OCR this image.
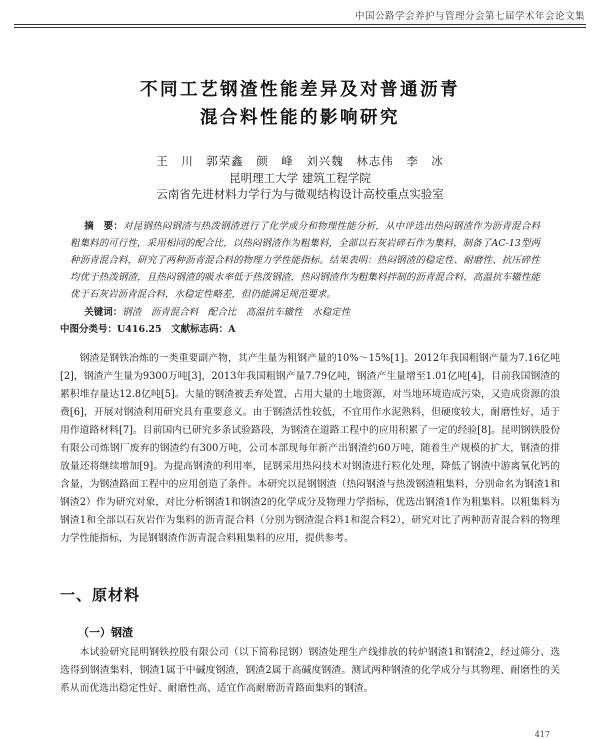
中国公路学会养护与管理分会第七届学术年会论文集
不同工艺钢渣性能差异及对普通沥青
混合料性能的影响研究
王　川　郭荣鑫　颜　峰　刘兴魏　林志伟　李　冰
昆明理工大学 建筑工程学院
云南省先进材料力学行为与微观结构设计高校重点实验室
摘　要：对昆钢热闷钢渣与热泼钢渣进行了化学成分和物理性能分析，从中评选出热闷钢渣作为沥青混合料粗集料的可行性，采用相同的配合比，以热闷钢渣作为粗集料，全部以石灰岩碎石作为集料，制备了AC-13型两种沥青混合料，研究了两种沥青混合料的物理力学性能指标。结果表明：热闷钢渣的稳定性、耐磨性、抗压碎性均优于热泼钢渣，且热闷钢渣的吸水率低于热泼钢渣，热闷钢渣作为粗集料拌制的沥青混合料，高温抗车辙性能优于石灰岩沥青混合料，水稳定性略差，但仍能满足规范要求。
关键词：钢渣　沥青混合料　配合比　高温抗车辙性　水稳定性
中图分类号：U416.25　文献标志码：A
钢渣是钢铁冶炼的一类重要副产物，其产生量为粗钢产量的10%～15%[1]。2012年我国粗钢产量为7.16亿吨[2]，钢渣产生量为9300万吨[3]，2013年我国粗钢产量7.79亿吨，钢渣产生量增至1.01亿吨[4]，目前我国钢渣的累积堆存量达12.8亿吨[5]。大量的钢渣被丢弃处置，占用大量的土地资源，对当地环境造成污染，又造成资源的浪费[6]，开展对钢渣利用研究具有重要意义。由于钢渣活性较低，不宜用作水泥熟料，但硬度较大，耐磨性好，适于用作道路材料[7]。目前国内已研究多条试验路段，为钢渣在道路工程中的应用积累了一定的经验[8]。昆明钢铁股份有限公司炼钢厂废弃的钢渣约有300万吨，公司本部现每年新产出钢渣约60万吨，随着生产规模的扩大，钢渣的排放量还将继续增加[9]。为提高钢渣的利用率，昆钢采用热闷技术对钢渣进行粒化处理，降低了钢渣中游离氧化钙的含量，为钢渣路面工程中的应用创造了条件。本研究以昆钢钢渣（热闷钢渣与热泼钢渣粗集料，分别命名为钢渣1和钢渣2）作为研究对象，对比分析钢渣1和钢渣2的化学成分及物理力学指标，优选出钢渣1作为粗集料。以粗集料为钢渣1和全部以石灰岩作为集料的沥青混合料（分别为钢渣混合料1和混合料2），研究对比了两种沥青混合料的物理力学性能指标，为昆钢钢渣作沥青混合料粗集料的应用，提供参考。
一、原材料
（一）钢渣
本试验研究昆明钢铁控股有限公司（以下简称昆钢）钢渣处理生产线排放的转炉钢渣1和钢渣2，经过筛分、选选得到钢渣集料，钢渣1属于中碱度钢渣，钢渣2属于高碱度钢渣。测试两种钢渣的化学成分与其物理、耐磨性的关系从而优选出稳定性好、耐磨性高、适宜作高耐磨沥青路面集料的钢渣。
417
